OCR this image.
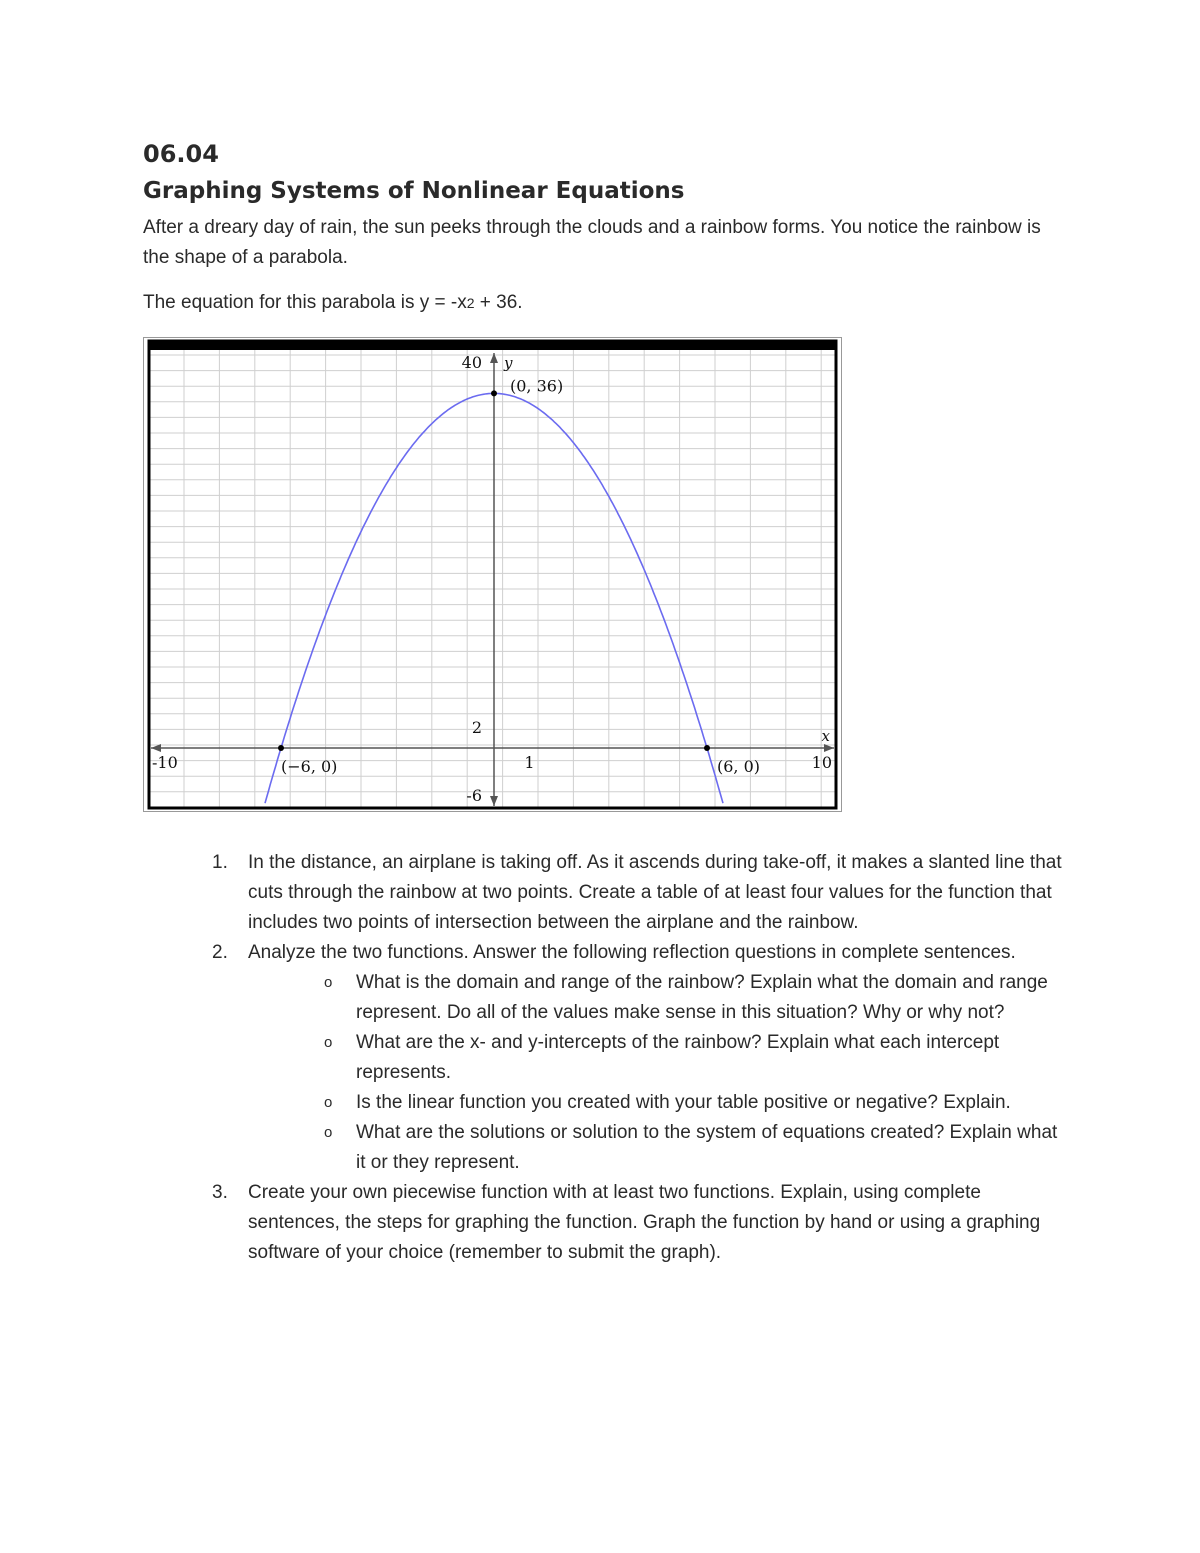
06.04
Graphing Systems of Nonlinear Equations

After a dreary day of rain, the sun peeks through the clouds and a rainbow forms. You notice the rainbow is the shape of a parabola.

The equation for this parabola is y = -x2 + 36.

-10	10
1
40
2
-6
y
x
(0, 36)
(−6, 0)	(6, 0)
1. In the distance, an airplane is taking off. As it ascends during take-off, it makes a slanted line that cuts through the rainbow at two points. Create a table of at least four values for the function that includes two points of intersection between the airplane and the rainbow.
2. Analyze the two functions. Answer the following reflection questions in complete sentences.
o What is the domain and range of the rainbow? Explain what the domain and range represent. Do all of the values make sense in this situation? Why or why not?
o What are the x- and y-intercepts of the rainbow? Explain what each intercept represents.
o Is the linear function you created with your table positive or negative? Explain.
o What are the solutions or solution to the system of equations created? Explain what it or they represent.
3. Create your own piecewise function with at least two functions. Explain, using complete sentences, the steps for graphing the function. Graph the function by hand or using a graphing software of your choice (remember to submit the graph).
